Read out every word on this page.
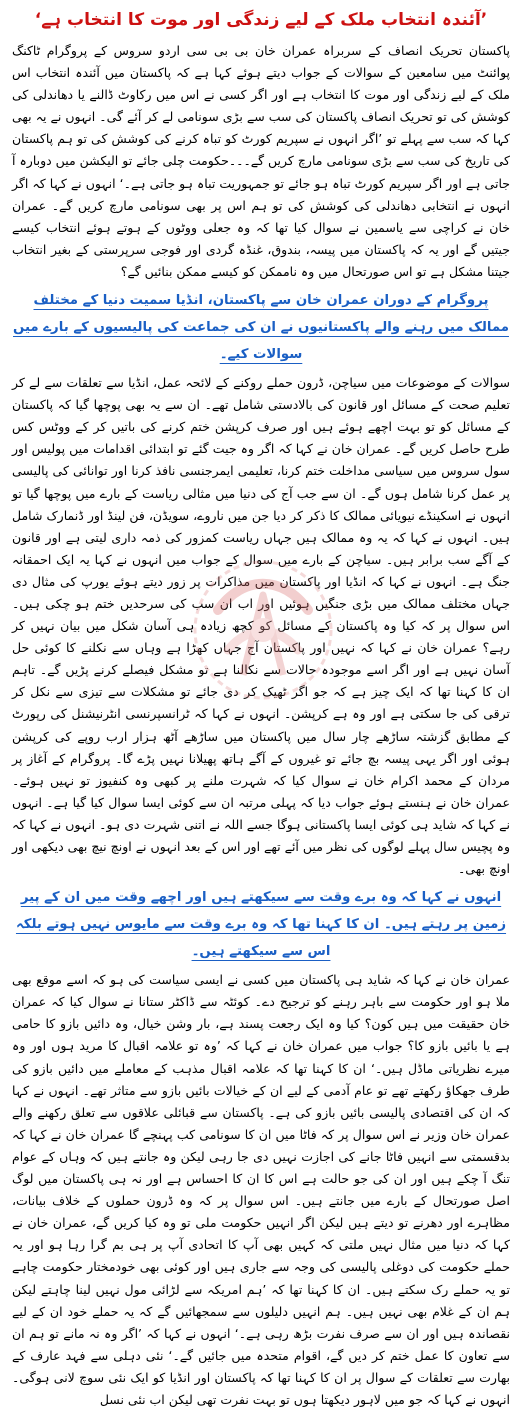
’آئندہ انتخاب ملک کے لیے زندگی اور موت کا انتخاب ہے‘

پاکستان تحریک انصاف کے سربراہ عمران خان بی بی سی اردو سروس کے پروگرام ٹاکنگ پوائنٹ میں سامعین کے سوالات کے جواب دیتے ہوئے کہا ہے کہ پاکستان میں آئندہ انتخاب اس ملک کے لیے زندگی اور موت کا انتخاب ہے اور اگر کسی نے اس میں رکاوٹ ڈالنے یا دھاندلی کی کوشش کی تو تحریک انصاف پاکستان کی سب سے بڑی سونامی لے کر آئے گی۔ انہوں نے یہ بھی کہا کہ سب سے پہلے تو ’اگر انہوں نے سپریم کورٹ کو تباہ کرنے کی کوشش کی تو ہم پاکستان کی تاریخ کی سب سے بڑی سونامی مارچ کریں گے۔۔۔حکومت چلی جائے تو الیکشن میں دوبارہ آ جاتی ہے اور اگر سپریم کورٹ تباہ ہو جائے تو جمہوریت تباہ ہو جاتی ہے۔‘ انہوں نے کہا کہ اگر انہوں نے انتخابی دھاندلی کی کوشش کی تو ہم اس پر بھی سونامی مارچ کریں گے۔ عمران خان نے کراچی سے یاسمین نے سوال کیا تھا کہ وہ جعلی ووٹوں کے ہوتے ہوئے انتخاب کیسے جیتیں گے اور یہ کہ پاکستان میں پیسہ، بندوق، غنڈہ گردی اور فوجی سرپرستی کے بغیر انتخاب جیتنا مشکل ہے تو اس صورتحال میں وہ ناممکن کو کیسے ممکن بنائیں گے؟

پروگرام کے دوران عمران خان سے پاکستان، انڈیا سمیت دنیا کے مختلف ممالک میں رہنے والے پاکستانیوں نے ان کی جماعت کی پالیسیوں کے بارے میں سوالات کیے۔

سوالات کے موضوعات میں سیاچن، ڈرون حملے روکنے کے لائحہ عمل، انڈیا سے تعلقات سے لے کر تعلیم صحت کے مسائل اور قانون کی بالادستی شامل تھے۔ ان سے یہ بھی پوچھا گیا کہ پاکستان کے مسائل کو تو بہت اچھے ہوئے ہیں اور صرف کرپشن ختم کرنے کی باتیں کر کے ووٹس کس طرح حاصل کریں گے۔ عمران خان نے کہا کہ اگر وہ جیت گئے تو ابتدائی اقدامات میں پولیس اور سول سروس میں سیاسی مداخلت ختم کرنا، تعلیمی ایمرجنسی نافذ کرنا اور توانائی کی پالیسی پر عمل کرنا شامل ہوں گے۔ ان سے جب آج کی دنیا میں مثالی ریاست کے بارے میں پوچھا گیا تو انہوں نے اسکینڈے نیویائی ممالک کا ذکر کر دیا جن میں ناروے، سویڈن، فن لینڈ اور ڈنمارک شامل ہیں۔ انہوں نے کہا کہ یہ وہ ممالک ہیں جہاں ریاست کمزور کی ذمہ داری لیتی ہے اور قانون کے آگے سب برابر ہیں۔ سیاچن کے بارے میں سوال کے جواب میں انہوں نے کہا یہ ایک احمقانہ جنگ ہے۔ انہوں نے کہا کہ انڈیا اور پاکستان میں مذاکرات پر زور دیتے ہوئے یورپ کی مثال دی جہاں مختلف ممالک میں بڑی جنگیں ہوئیں اور اب ان سب کی سرحدیں ختم ہو چکی ہیں۔ اس سوال پر کہ کیا وہ پاکستان کے مسائل کو کچھ زیادہ ہی آسان شکل میں بیان نہیں کر رہے؟ عمران خان نے کہا کہ نہیں اور پاکستان آج جہاں کھڑا ہے وہاں سے نکلنے کا کوئی حل آسان نہیں ہے اور اگر اسے موجودہ حالات سے نکالنا ہے تو مشکل فیصلے کرنے پڑیں گے۔ تاہم ان کا کہنا تھا کہ ایک چیز ہے کہ جو اگر ٹھیک کر دی جائے تو مشکلات سے تیزی سے نکل کر ترقی کی جا سکتی ہے اور وہ ہے کرپشن۔ انہوں نے کہا کہ ٹرانسپرنسی انٹرنیشنل کی رپورٹ کے مطابق گزشتہ ساڑھے چار سال میں پاکستان میں ساڑھے آٹھ ہزار ارب روپے کی کرپشن ہوئی اور اگر یہی پیسہ بچ جائے تو غیروں کے آگے ہاتھ پھیلانا نہیں پڑے گا۔ پروگرام کے آغاز پر مردان کے محمد اکرام خان نے سوال کیا کہ شہرت ملنے پر کبھی وہ کنفیوز تو نہیں ہوئے۔ عمران خان نے ہنستے ہوئے جواب دیا کہ پہلی مرتبہ ان سے کوئی ایسا سوال کیا گیا ہے۔ انہوں نے کہا کہ شاید ہی کوئی ایسا پاکستانی ہوگا جسے اللہ نے اتنی شہرت دی ہو۔ انہوں نے کہا کہ وہ پچیس سال پہلے لوگوں کی نظر میں آئے تھے اور اس کے بعد انہوں نے اونچ نیچ بھی دیکھی اور اونچ بھی۔

انہوں نے کہا کہ وہ برے وقت سے سیکھتے ہیں اور اچھے وقت میں ان کے پیر زمین پر رہتے ہیں۔ ان کا کہنا تھا کہ وہ برے وقت سے مایوس نہیں ہوتے بلکہ اس سے سیکھتے ہیں۔

عمران خان نے کہا کہ شاید ہی پاکستان میں کسی نے ایسی سیاست کی ہو کہ اسے موقع بھی ملا ہو اور حکومت سے باہر رہنے کو ترجیح دے۔ کوئٹہ سے ڈاکٹر ستانا نے سوال کیا کہ عمران خان حقیقت میں ہیں کون؟ کیا وہ ایک رجعت پسند ہے، بار وشن خیال، وہ دائیں بازو کا حامی ہے یا بائیں بازو کا؟ جواب میں عمران خان نے کہا کہ ’وہ تو علامہ اقبال کا مرید ہوں اور وہ میرے نظریاتی ماڈل ہیں۔‘ ان کا کہنا تھا کہ علامہ اقبال مذہب کے معاملے میں دائیں بازو کی طرف جھکاؤ رکھتے تھے تو عام آدمی کے لیے ان کے خیالات بائیں بازو سے متاثر تھے۔ انہوں نے کہا کہ ان کی اقتصادی پالیسی بائیں بازو کی ہے۔ پاکستان سے قبائلی علاقوں سے تعلق رکھنے والے عمران خان وزیر نے اس سوال پر کہ فاٹا میں ان کا سونامی کب پہنچے گا عمران خان نے کہا کہ بدقسمتی سے انہیں فاٹا جانے کی اجازت نہیں دی جا رہی لیکن وہ جانتے ہیں کہ وہاں کے عوام تنگ آ چکے ہیں اور ان کی جو حالت ہے اس کا ان کا احساس ہے اور نہ ہی پاکستان میں لوگ اصل صورتحال کے بارے میں جانتے ہیں۔ اس سوال پر کہ وہ ڈرون حملوں کے خلاف بیانات، مظاہرے اور دھرنے تو دیتے ہیں لیکن اگر انہیں حکومت ملی تو وہ کیا کریں گے، عمران خان نے کہا کہ دنیا میں مثال نہیں ملتی کہ کہیں بھی آپ کا اتحادی آپ پر ہی بم گرا رہا ہو اور یہ حملے حکومت کی دوغلی پالیسی کی وجہ سے جاری ہیں اور کوئی بھی خودمختار حکومت چاہے تو یہ حملے رک سکتے ہیں۔ ان کا کہنا تھا کہ ’ہم امریکہ سے لڑائی مول نہیں لینا چاہتے لیکن ہم ان کے غلام بھی نہیں ہیں۔ ہم انہیں دلیلوں سے سمجھائیں گے کہ یہ حملے خود ان کے لیے نقصاندہ ہیں اور ان سے صرف نفرت بڑھ رہی ہے۔‘ انہوں نے کہا کہ ’اگر وہ نہ مانے تو ہم ان سے تعاون کا عمل ختم کر دیں گے، اقوام متحدہ میں جائیں گے۔‘ نئی دہلی سے فہد عارف کے بھارت سے تعلقات کے سوال پر ان کا کہنا تھا کہ پاکستان اور انڈیا کو ایک نئی سوچ لانی ہوگی۔ انہوں نے کہا کہ جو میں لاہور دیکھتا ہوں تو بہت نفرت تھی لیکن اب نئی نسل
